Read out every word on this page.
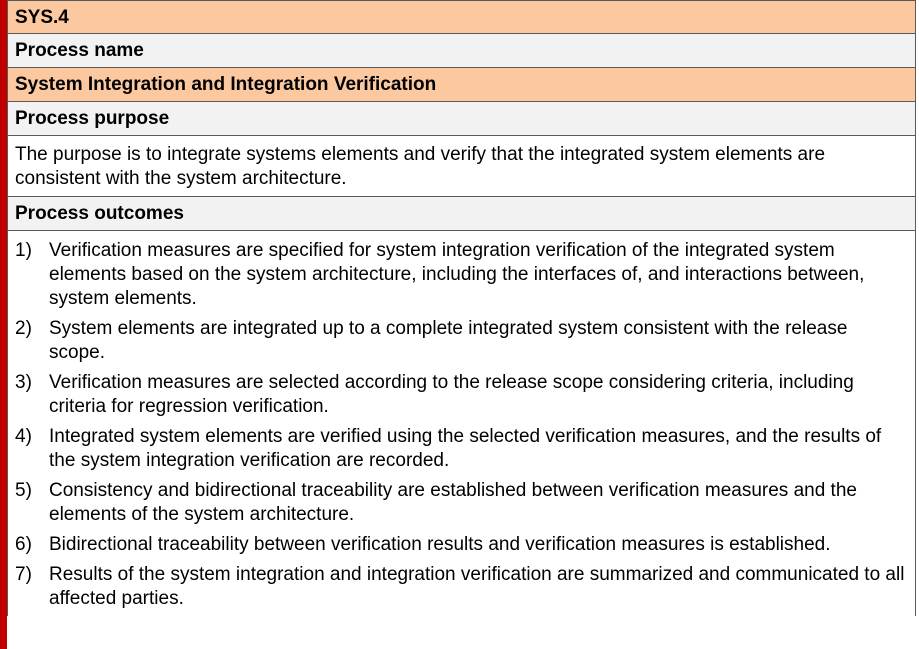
SYS.4
Process name
System Integration and Integration Verification
Process purpose
The purpose is to integrate systems elements and verify that the integrated system elements are consistent with the system architecture.
Process outcomes
1) Verification measures are specified for system integration verification of the integrated system elements based on the system architecture, including the interfaces of, and interactions between, system elements.
2) System elements are integrated up to a complete integrated system consistent with the release scope.
3) Verification measures are selected according to the release scope considering criteria, including criteria for regression verification.
4) Integrated system elements are verified using the selected verification measures, and the results of the system integration verification are recorded.
5) Consistency and bidirectional traceability are established between verification measures and the elements of the system architecture.
6) Bidirectional traceability between verification results and verification measures is established.
7) Results of the system integration and integration verification are summarized and communicated to all affected parties.
